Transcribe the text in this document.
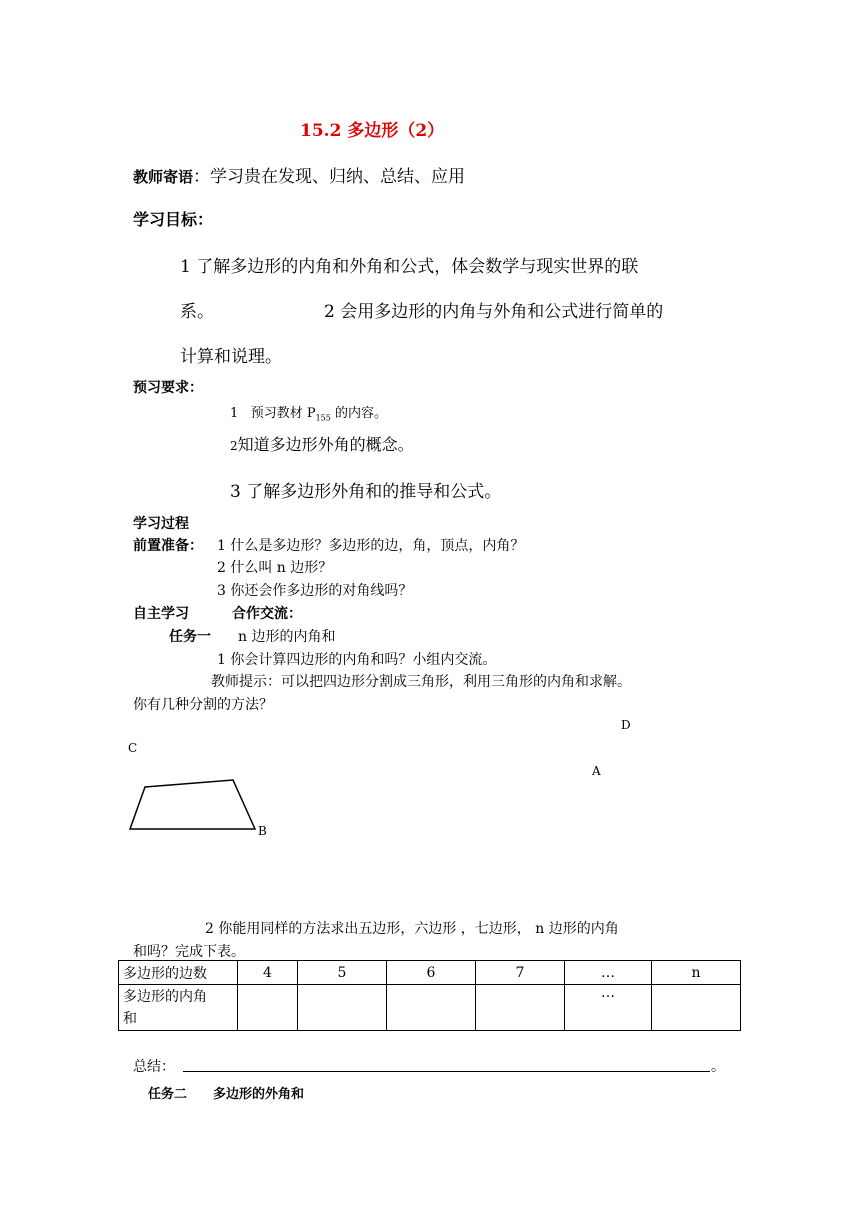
15.2 多边形（2）
教师寄语：学习贵在发现、归纳、总结、应用
学习目标：
1 了解多边形的内角和外角和公式，体会数学与现实世界的联
系。	2 会用多边形的内角与外角和公式进行简单的
计算和说理。
预习要求：
1 预习教材 $P_{155}$ 的内容。
2知道多边形外角的概念。
3 了解多边形外角和的推导和公式。
学习过程
前置准备： 1 什么是多边形？多边形的边，角，顶点，内角？
2 什么叫 n 边形？
3 你还会作多边形的对角线吗？
自主学习	合作交流：
任务一 n 边形的内角和
1 你会计算四边形的内角和吗？小组内交流。
教师提示：可以把四边形分割成三角形，利用三角形的内角和求解。
你有几种分割的方法？
D
C
A
B
2 你能用同样的方法求出五边形，六边形 ，七边形， n 边形的内角
和吗？完成下表。
多边形的边数	4	5	6	7	…	n
多边形的内角
和					…	
总结：	。
任务二 多边形的外角和
